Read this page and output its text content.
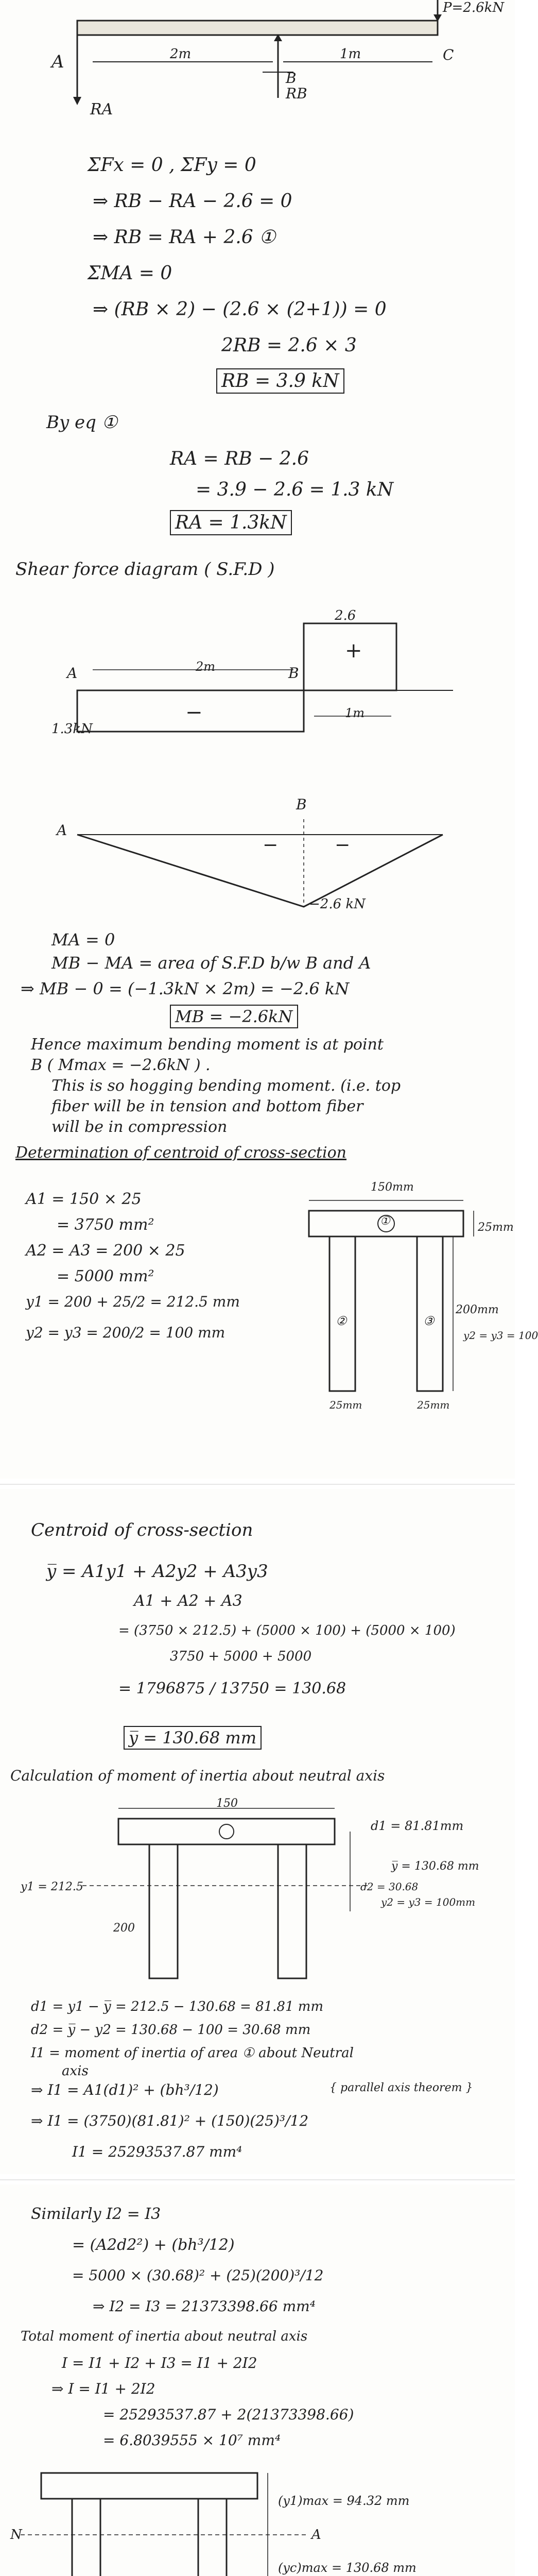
P=2.6kN
A
B
C
2m	1m
RA
RB
ΣFx = 0 , ΣFy = 0
⇒ RB − RA − 2.6 = 0
⇒ RB = RA + 2.6 ①
ΣMA = 0
⇒ (RB × 2) − (2.6 × (2+1)) = 0
2RB = 2.6 × 3
RB = 3.9 kN
By eq ①
RA = RB − 2.6
= 3.9 − 2.6 = 1.3 kN
RA = 1.3kN
Shear force diagram ( S.F.D )
2.6
A	B
1.3kN
2m
1m
+
−
A
B
−	−
−2.6 kN
MA = 0
MB − MA = area of S.F.D b/w B and A
⇒ MB − 0 = (−1.3kN × 2m) = −2.6 kN
MB = −2.6kN
Hence maximum bending moment is at point
B ( Mmax = −2.6kN ) .
This is so hogging bending moment. (i.e. top
fiber will be in tension and bottom fiber
will be in compression
Determination of centroid of cross-section
A1 = 150 × 25
= 3750 mm²
A2 = A3 = 200 × 25
= 5000 mm²
y1 = 200 + 25/2 = 212.5 mm
y2 = y3 = 200/2 = 100 mm
150mm
25mm
200mm
y2 = y3 = 100
25mm	25mm
①
②	③
Centroid of cross-section
y̅ = A1y1 + A2y2 + A3y3
A1 + A2 + A3
= (3750 × 212.5) + (5000 × 100) + (5000 × 100)
3750 + 5000 + 5000
= 1796875 / 13750 = 130.68
y̅ = 130.68 mm
Calculation of moment of inertia about neutral axis
150
d1 = 81.81mm
y̅ = 130.68 mm
d2 = 30.68
y2 = y3 = 100mm
y1 = 212.5
200
d1 = y1 − y̅ = 212.5 − 130.68 = 81.81 mm
d2 = y̅ − y2 = 130.68 − 100 = 30.68 mm
I1 = moment of inertia of area ① about Neutral
axis
⇒ I1 = A1(d1)² + (bh³/12)	{ parallel axis theorem }
⇒ I1 = (3750)(81.81)² + (150)(25)³/12
I1 = 25293537.87 mm⁴
Similarly I2 = I3
= (A2d2²) + (bh³/12)
= 5000 × (30.68)² + (25)(200)³/12
⇒ I2 = I3 = 21373398.66 mm⁴
Total moment of inertia about neutral axis
I = I1 + I2 + I3 = I1 + 2I2
⇒ I = I1 + 2I2
= 25293537.87 + 2(21373398.66)
= 6.8039555 × 10⁷ mm⁴
N	A
(y1)max = 94.32 mm
(yc)max = 130.68 mm
